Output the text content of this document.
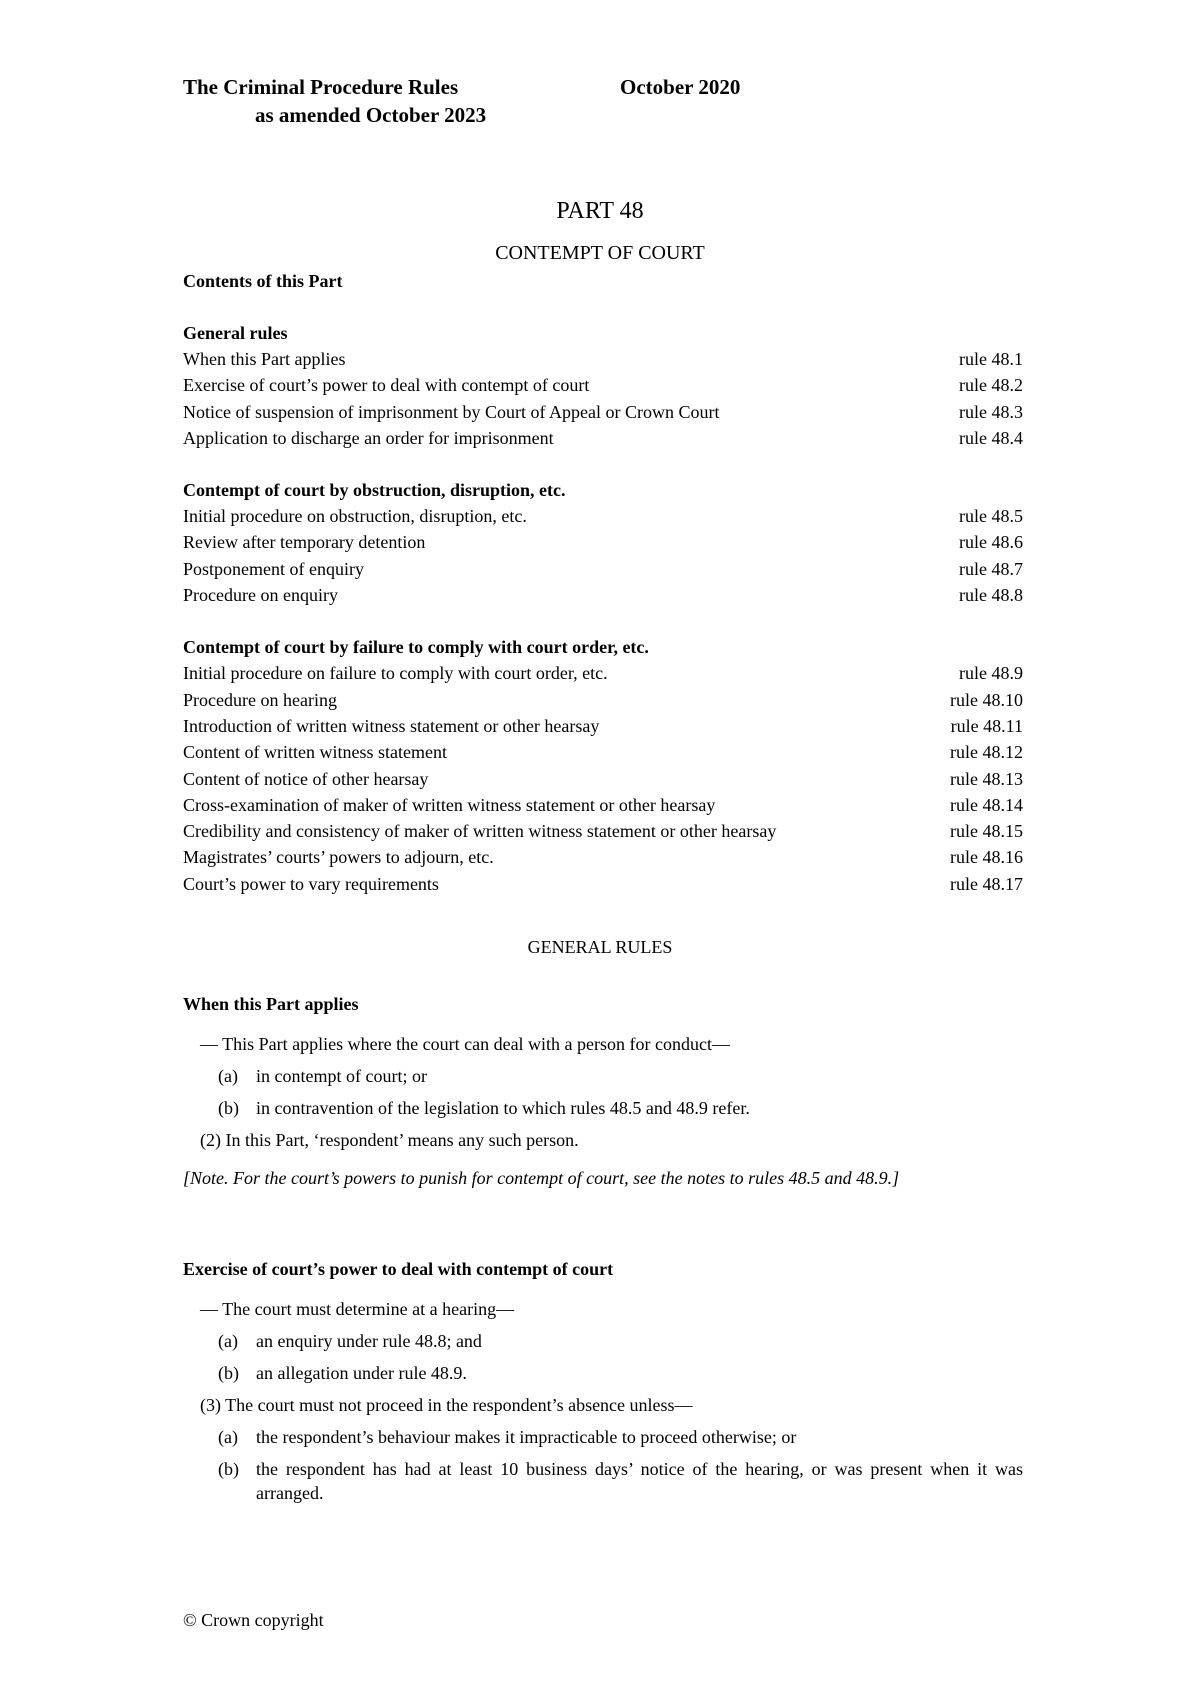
The Criminal Procedure Rules	October 2020
as amended October 2023
PART 48
CONTEMPT OF COURT
Contents of this Part
General rules
When this Part applies	rule 48.1
Exercise of court’s power to deal with contempt of court	rule 48.2
Notice of suspension of imprisonment by Court of Appeal or Crown Court	rule 48.3
Application to discharge an order for imprisonment	rule 48.4
Contempt of court by obstruction, disruption, etc.
Initial procedure on obstruction, disruption, etc.	rule 48.5
Review after temporary detention	rule 48.6
Postponement of enquiry	rule 48.7
Procedure on enquiry	rule 48.8
Contempt of court by failure to comply with court order, etc.
Initial procedure on failure to comply with court order, etc.	rule 48.9
Procedure on hearing	rule 48.10
Introduction of written witness statement or other hearsay	rule 48.11
Content of written witness statement	rule 48.12
Content of notice of other hearsay	rule 48.13
Cross-examination of maker of written witness statement or other hearsay	rule 48.14
Credibility and consistency of maker of written witness statement or other hearsay	rule 48.15
Magistrates’ courts’ powers to adjourn, etc.	rule 48.16
Court’s power to vary requirements	rule 48.17
GENERAL RULES
When this Part applies
— This Part applies where the court can deal with a person for conduct—
(a)	in contempt of court; or
(b) in contravention of the legislation to which rules 48.5 and 48.9 refer.
(2) In this Part, ‘respondent’ means any such person.
[Note. For the court’s powers to punish for contempt of court, see the notes to rules 48.5 and 48.9.]
Exercise of court’s power to deal with contempt of court
— The court must determine at a hearing—
(a)	an enquiry under rule 48.8; and
(b) an allegation under rule 48.9.
(3) The court must not proceed in the respondent’s absence unless—
(a)	the respondent’s behaviour makes it impracticable to proceed otherwise; or
(b) the respondent has had at least 10 business days’ notice of the hearing, or was present when it was arranged.
© Crown copyright
